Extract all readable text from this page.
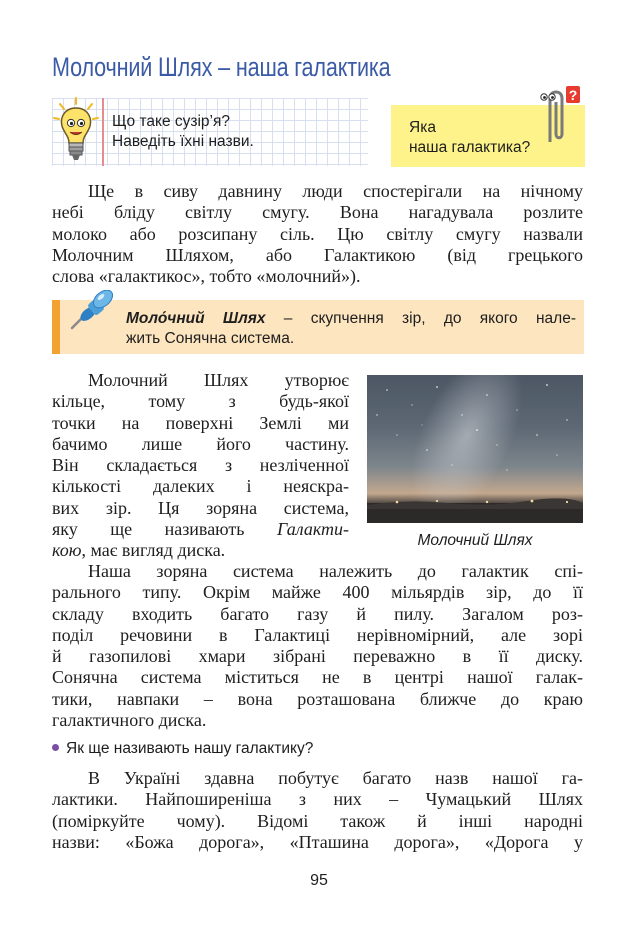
Молочний Шлях – наша галактика
Що таке сузір’я?
Наведіть їхні назви.
Яка
наша галактика?
?
Ще в сиву давнину люди спостерігали на нічному
небі бліду світлу смугу. Вона нагадувала розлите
молоко або розсипану сіль. Цю світлу смугу назвали
Молочним Шляхом, або Галактикою (від грецького
слова «галактикос», тобто «молочний»).
Моло́чний Шлях – скупчення зір, до якого нале-
жить Сонячна система.
Молочний Шлях утворює
кільце, тому з будь-якої
точки на поверхні Землі ми
бачимо лише його частину.
Він складається з незліченної
кількості далеких і неяскра-
вих зір. Ця зоряна система,
яку ще називають Галакти-
кою, має вигляд диска.	Молочний Шлях
Наша зоряна система належить до галактик спі-
рального типу. Окрім майже 400 мільярдів зір, до її
складу входить багато газу й пилу. Загалом роз-
поділ речовини в Галактиці нерівномірний, але зорі
й газопилові хмари зібрані переважно в її диску.
Сонячна система міститься не в центрі нашої галак-
тики, навпаки – вона розташована ближче до краю
галактичного диска.
Як ще називають нашу галактику?
В Україні здавна побутує багато назв нашої га-
лактики. Найпоширеніша з них – Чумацький Шлях
(поміркуйте чому). Відомі також й інші народні
назви: «Божа дорога», «Пташина дорога», «Дорога у
95
